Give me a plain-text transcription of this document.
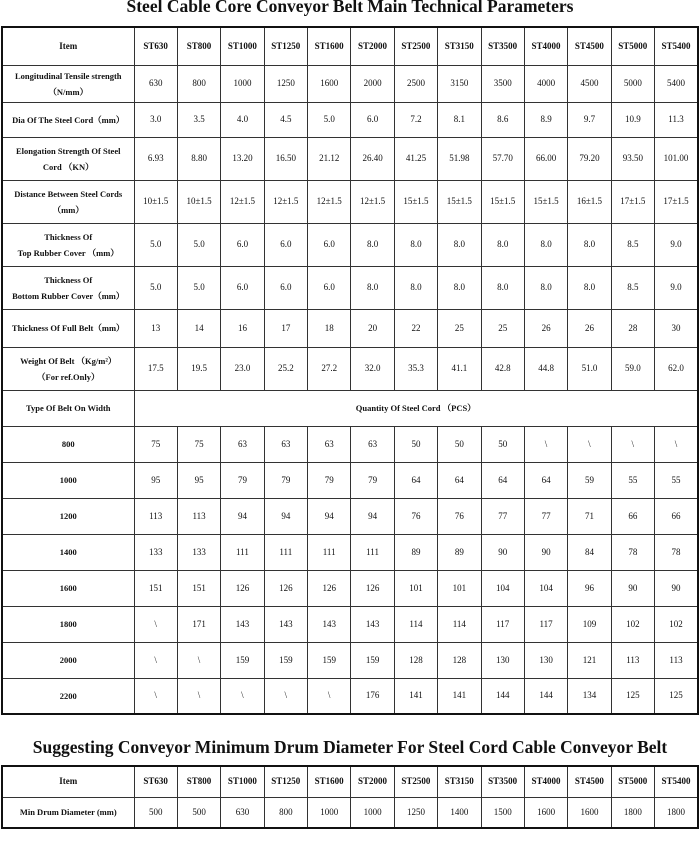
Steel Cable Core Conveyor Belt Main Technical Parameters
Item	ST630	ST800	ST1000	ST1250	ST1600	ST2000	ST2500	ST3150	ST3500	ST4000	ST4500	ST5000	ST5400

Longitudinal Tensile strength
（N/mm）	630	800	1000	1250	1600	2000	2500	3150	3500	4000	4500	5000	5400

Dia Of The Steel Cord（mm）	3.0	3.5	4.0	4.5	5.0	6.0	7.2	8.1	8.6	8.9	9.7	10.9	11.3

Elongation Strength Of Steel
Cord （KN）	6.93	8.80	13.20	16.50	21.12	26.40	41.25	51.98	57.70	66.00	79.20	93.50	101.00

Distance Between Steel Cords
（mm）	10±1.5	10±1.5	12±1.5	12±1.5	12±1.5	12±1.5	15±1.5	15±1.5	15±1.5	15±1.5	16±1.5	17±1.5	17±1.5

Thickness Of
Top Rubber Cover （mm）	5.0	5.0	6.0	6.0	6.0	8.0	8.0	8.0	8.0	8.0	8.0	8.5	9.0

Thickness Of
Bottom Rubber Cover（mm）	5.0	5.0	6.0	6.0	6.0	8.0	8.0	8.0	8.0	8.0	8.0	8.5	9.0

Thickness Of Full Belt（mm）	13	14	16	17	18	20	22	25	25	26	26	28	30

Weight Of Belt （Kg/m²）
（For ref.Only）	17.5	19.5	23.0	25.2	27.2	32.0	35.3	41.1	42.8	44.8	51.0	59.0	62.0
Type Of Belt On Width	Quantity Of Steel Cord （PCS）												
800	75	75	63	63	63	63	50	50	50	\	\	\	\
1000	95	95	79	79	79	79	64	64	64	64	59	55	55
1200	113	113	94	94	94	94	76	76	77	77	71	66	66
1400	133	133	111	111	111	111	89	89	90	90	84	78	78
1600	151	151	126	126	126	126	101	101	104	104	96	90	90
1800	\	171	143	143	143	143	114	114	117	117	109	102	102
2000	\	\	159	159	159	159	128	128	130	130	121	113	113
2200	\	\	\	\	\	176	141	141	144	144	134	125	125
Suggesting Conveyor Minimum Drum Diameter For Steel Cord Cable Conveyor Belt
Item	ST630	ST800	ST1000	ST1250	ST1600	ST2000	ST2500	ST3150	ST3500	ST4000	ST4500	ST5000	ST5400
Min Drum Diameter (mm)	500	500	630	800	1000	1000	1250	1400	1500	1600	1600	1800	1800
